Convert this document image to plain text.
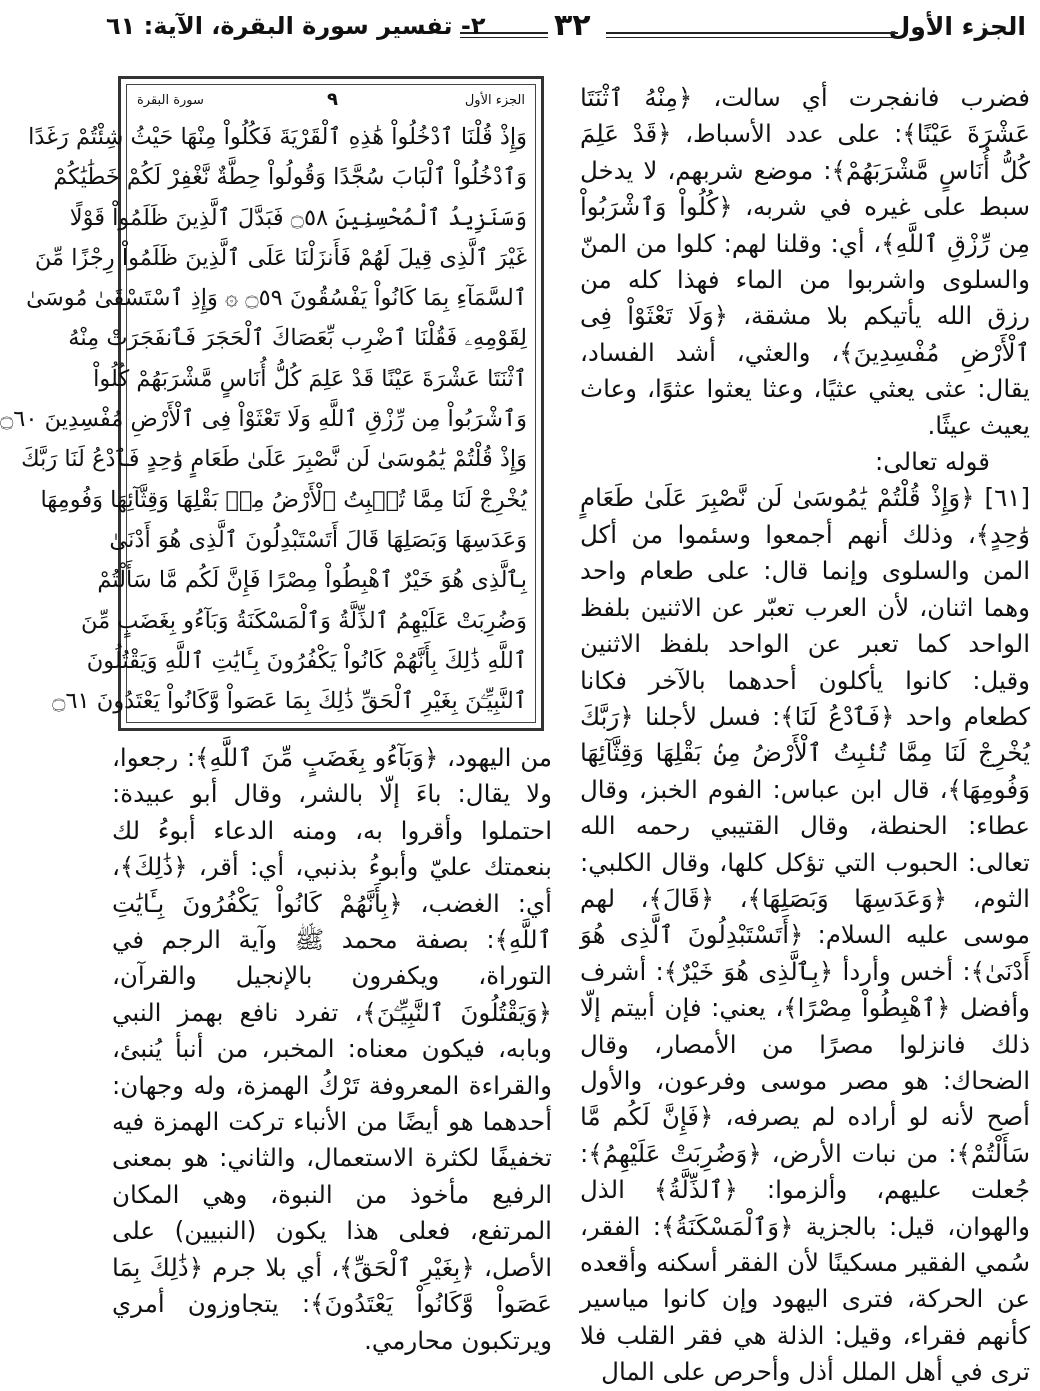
الجزء الأول
٣٢
٢- تفسير سورة البقرة، الآية: ٦١

فضرب فانفجرت أي سالت، ﴿مِنْهُ ٱثْنَتَا عَشْرَةَ عَيْنًا﴾: على عدد الأسباط، ﴿قَدْ عَلِمَ كُلُّ أُنَاسٍ مَّشْرَبَهُمْ﴾: موضع شربهم، لا يدخل سبط على غيره في شربه، ﴿كُلُواْ وَٱشْرَبُواْ مِن رِّزْقِ ٱللَّهِ﴾، أي: وقلنا لهم: كلوا من المنّ والسلوى واشربوا من الماء فهذا كله من رزق الله يأتيكم بلا مشقة، ﴿وَلَا تَعْثَوْاْ فِى ٱلْأَرْضِ مُفْسِدِينَ﴾، والعثي، أشد الفساد، يقال: عثى يعثي عثيًا، وعثا يعثوا عثوًا، وعاث يعيث عيثًا.

قوله تعالى:

[٦١] ﴿وَإِذْ قُلْتُمْ يَٰمُوسَىٰ لَن نَّصْبِرَ عَلَىٰ طَعَامٍ وَٰحِدٍ﴾، وذلك أنهم أجمعوا وسئموا من أكل المن والسلوى وإنما قال: على طعام واحد وهما اثنان، لأن العرب تعبّر عن الاثنين بلفظ الواحد كما تعبر عن الواحد بلفظ الاثنين وقيل: كانوا يأكلون أحدهما بالآخر فكانا كطعام واحد ﴿فَٱدْعُ لَنَا﴾: فسل لأجلنا ﴿رَبَّكَ يُخْرِجْ لَنَا مِمَّا تُنۢبِتُ ٱلْأَرْضُ مِنۢ بَقْلِهَا وَقِثَّآئِهَا وَفُومِهَا﴾، قال ابن عباس: الفوم الخبز، وقال عطاء: الحنطة، وقال القتيبي رحمه الله تعالى: الحبوب التي تؤكل كلها، وقال الكلبي: الثوم، ﴿وَعَدَسِهَا وَبَصَلِهَا﴾، ﴿قَالَ﴾، لهم موسى عليه السلام: ﴿أَتَسْتَبْدِلُونَ ٱلَّذِى هُوَ أَدْنَىٰ﴾: أخس وأردأ ﴿بِٱلَّذِى هُوَ خَيْرٌ﴾: أشرف وأفضل ﴿ٱهْبِطُواْ مِصْرًا﴾، يعني: فإن أبيتم إلّا ذلك فانزلوا مصرًا من الأمصار، وقال الضحاك: هو مصر موسى وفرعون، والأول أصح لأنه لو أراده لم يصرفه، ﴿فَإِنَّ لَكُم مَّا سَأَلْتُمْ﴾: من نبات الأرض، ﴿وَضُرِبَتْ عَلَيْهِمُ﴾: جُعلت عليهم، وألزموا: ﴿ٱلذِّلَّةُ﴾ الذل والهوان، قيل: بالجزية ﴿وَٱلْمَسْكَنَةُ﴾: الفقر، سُمي الفقير مسكينًا لأن الفقر أسكنه وأقعده عن الحركة، فترى اليهود وإن كانوا مياسير كأنهم فقراء، وقيل: الذلة هي فقر القلب فلا ترى في أهل الملل أذل وأحرص على المال

الجزء الأول
٩
سورة البقرة
وَإِذْ قُلْنَا ٱدْخُلُواْ هَٰذِهِ ٱلْقَرْيَةَ فَكُلُواْ مِنْهَا حَيْثُ شِئْتُمْ رَغَدًا
وَٱدْخُلُواْ ٱلْبَابَ سُجَّدًا وَقُولُواْ حِطَّةٌ نَّغْفِرْ لَكُمْ خَطَٰيَٰكُمْ
وَسَنَزِيدُ ٱلْمُحْسِنِينَ ۝٥٨ فَبَدَّلَ ٱلَّذِينَ ظَلَمُواْ قَوْلًا
غَيْرَ ٱلَّذِى قِيلَ لَهُمْ فَأَنزَلْنَا عَلَى ٱلَّذِينَ ظَلَمُواْ رِجْزًا مِّنَ
ٱلسَّمَآءِ بِمَا كَانُواْ يَفْسُقُونَ ۝٥٩ ۞ وَإِذِ ٱسْتَسْقَىٰ مُوسَىٰ
لِقَوْمِهِۦ فَقُلْنَا ٱضْرِب بِّعَصَاكَ ٱلْحَجَرَ فَٱنفَجَرَتْ مِنْهُ
ٱثْنَتَا عَشْرَةَ عَيْنًا قَدْ عَلِمَ كُلُّ أُنَاسٍ مَّشْرَبَهُمْ كُلُواْ
وَٱشْرَبُواْ مِن رِّزْقِ ٱللَّهِ وَلَا تَعْثَوْاْ فِى ٱلْأَرْضِ مُفْسِدِينَ ۝٦٠
وَإِذْ قُلْتُمْ يَٰمُوسَىٰ لَن نَّصْبِرَ عَلَىٰ طَعَامٍ وَٰحِدٍ فَٱدْعُ لَنَا رَبَّكَ
يُخْرِجْ لَنَا مِمَّا تُنۢبِتُ ٱلْأَرْضُ مِنۢ بَقْلِهَا وَقِثَّآئِهَا وَفُومِهَا
وَعَدَسِهَا وَبَصَلِهَا قَالَ أَتَسْتَبْدِلُونَ ٱلَّذِى هُوَ أَدْنَىٰ
بِٱلَّذِى هُوَ خَيْرٌ ٱهْبِطُواْ مِصْرًا فَإِنَّ لَكُم مَّا سَأَلْتُمْ
وَضُرِبَتْ عَلَيْهِمُ ٱلذِّلَّةُ وَٱلْمَسْكَنَةُ وَبَآءُو بِغَضَبٍ مِّنَ
ٱللَّهِ ذَٰلِكَ بِأَنَّهُمْ كَانُواْ يَكْفُرُونَ بِـَٔايَٰتِ ٱللَّهِ وَيَقْتُلُونَ
ٱلنَّبِيِّـۧنَ بِغَيْرِ ٱلْحَقِّ ذَٰلِكَ بِمَا عَصَواْ وَّكَانُواْ يَعْتَدُونَ ۝٦١

من اليهود، ﴿وَبَآءُو بِغَضَبٍ مِّنَ ٱللَّهِ﴾: رجعوا، ولا يقال: باءَ إلّا بالشر، وقال أبو عبيدة: احتملوا وأقروا به، ومنه الدعاء أبوءُ لك بنعمتك عليّ وأبوءُ بذنبي، أي: أقر، ﴿ذَٰلِكَ﴾، أي: الغضب، ﴿بِأَنَّهُمْ كَانُواْ يَكْفُرُونَ بِـَٔايَٰتِ ٱللَّهِ﴾: بصفة محمد ﷺ وآية الرجم في التوراة، ويكفرون بالإنجيل والقرآن، ﴿وَيَقْتُلُونَ ٱلنَّبِيِّـۧنَ﴾، تفرد نافع بهمز النبي وبابه، فيكون معناه: المخبر، من أنبأ يُنبئ، والقراءة المعروفة تَرْكُ الهمزة، وله وجهان: أحدهما هو أيضًا من الأنباء تركت الهمزة فيه تخفيفًا لكثرة الاستعمال، والثاني: هو بمعنى الرفيع مأخوذ من النبوة، وهي المكان المرتفع، فعلى هذا يكون (النبيين) على الأصل، ﴿بِغَيْرِ ٱلْحَقِّ﴾، أي بلا جرم ﴿ذَٰلِكَ بِمَا عَصَواْ وَّكَانُواْ يَعْتَدُونَ﴾: يتجاوزون أمري ويرتكبون محارمي.
